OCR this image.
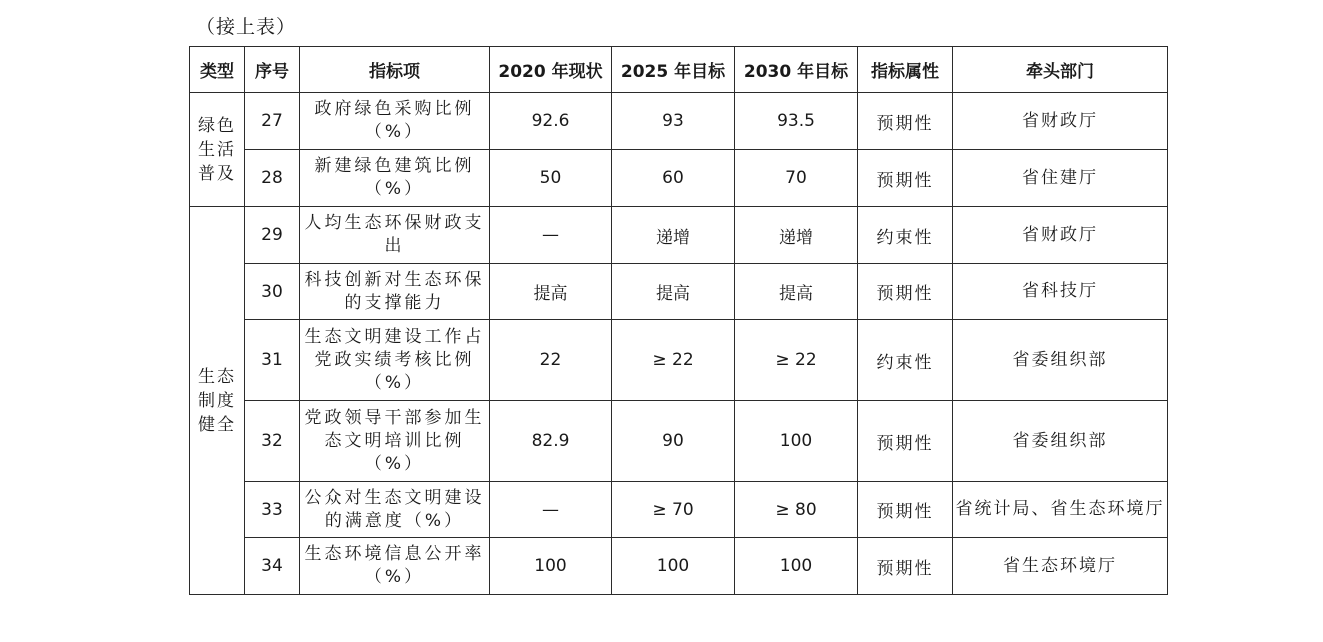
（接上表）
类型	序号	指标项	2020 年现状	2025 年目标	2030 年目标	指标属性	牵头部门

绿色
生活
普及	27	政府绿色采购比例（%）	92.6	93	93.5	预期性	省财政厅
	28	新建绿色建筑比例（%）	50	60	70	预期性	省住建厅

生态
制度
健全	29	人均生态环保财政支出	—	递增	递增	约束性	省财政厅
	30	科技创新对生态环保的支撑能力	提高	提高	提高	预期性	省科技厅
	31	生态文明建设工作占党政实绩考核比例（%）	22	≥ 22	≥ 22	约束性	省委组织部
	32	党政领导干部参加生态文明培训比例（%）	82.9	90	100	预期性	省委组织部
	33	公众对生态文明建设的满意度（%）	—	≥ 70	≥ 80	预期性	省统计局、省生态环境厅
	34	生态环境信息公开率（%）	100	100	100	预期性	省生态环境厅
